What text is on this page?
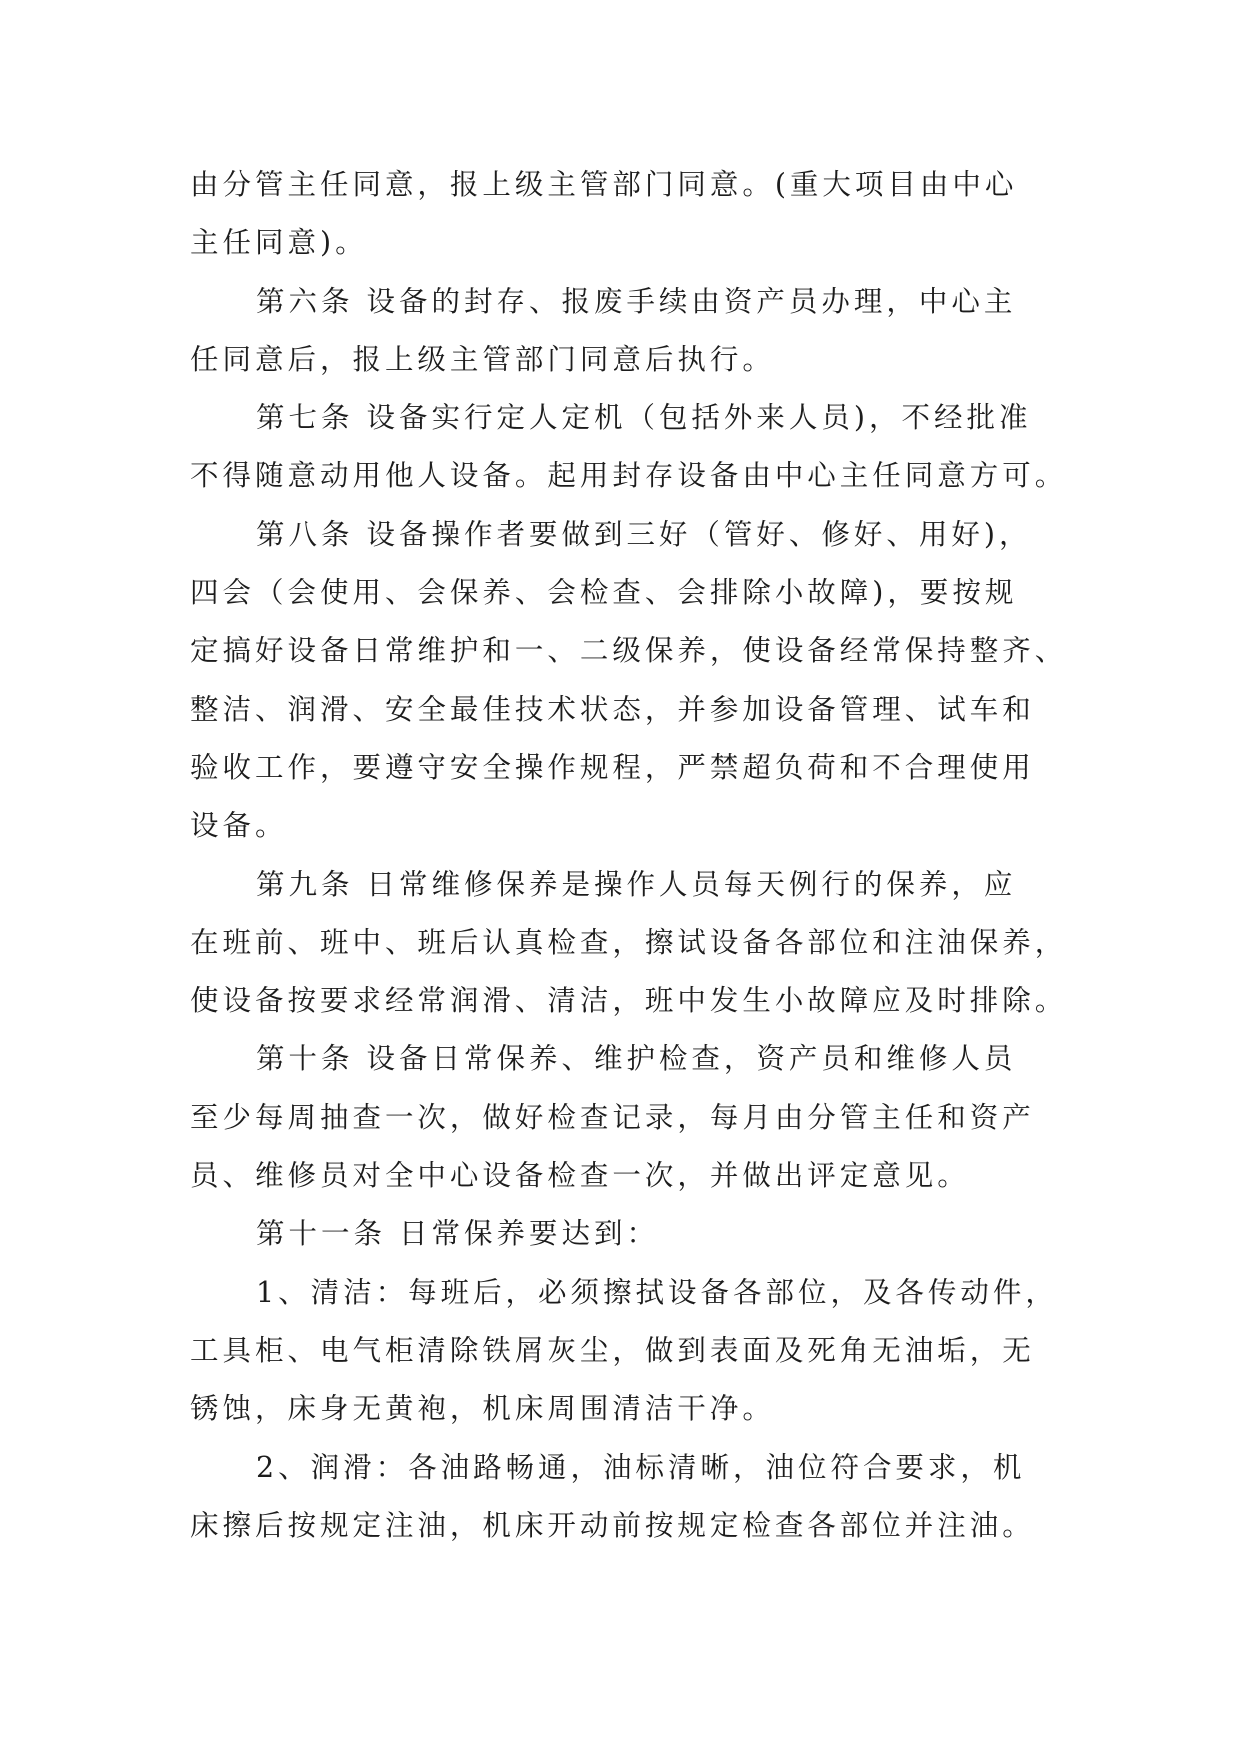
由分管主任同意，报上级主管部门同意。(重大项目由中心
主任同意)。
第六条 设备的封存、报废手续由资产员办理，中心主
任同意后，报上级主管部门同意后执行。
第七条 设备实行定人定机（包括外来人员)，不经批准
不得随意动用他人设备。起用封存设备由中心主任同意方可。
第八条 设备操作者要做到三好（管好、修好、用好)，
四会（会使用、会保养、会检查、会排除小故障)，要按规
定搞好设备日常维护和一、二级保养，使设备经常保持整齐、
整洁、润滑、安全最佳技术状态，并参加设备管理、试车和
验收工作，要遵守安全操作规程，严禁超负荷和不合理使用
设备。
第九条 日常维修保养是操作人员每天例行的保养，应
在班前、班中、班后认真检查，擦试设备各部位和注油保养，
使设备按要求经常润滑、清洁，班中发生小故障应及时排除。
第十条 设备日常保养、维护检查，资产员和维修人员
至少每周抽查一次，做好检查记录，每月由分管主任和资产
员、维修员对全中心设备检查一次，并做出评定意见。
第十一条 日常保养要达到：
1、清洁：每班后，必须擦拭设备各部位，及各传动件，
工具柜、电气柜清除铁屑灰尘，做到表面及死角无油垢，无
锈蚀，床身无黄袍，机床周围清洁干净。
2、润滑：各油路畅通，油标清晰，油位符合要求，机
床擦后按规定注油，机床开动前按规定检查各部位并注油。
